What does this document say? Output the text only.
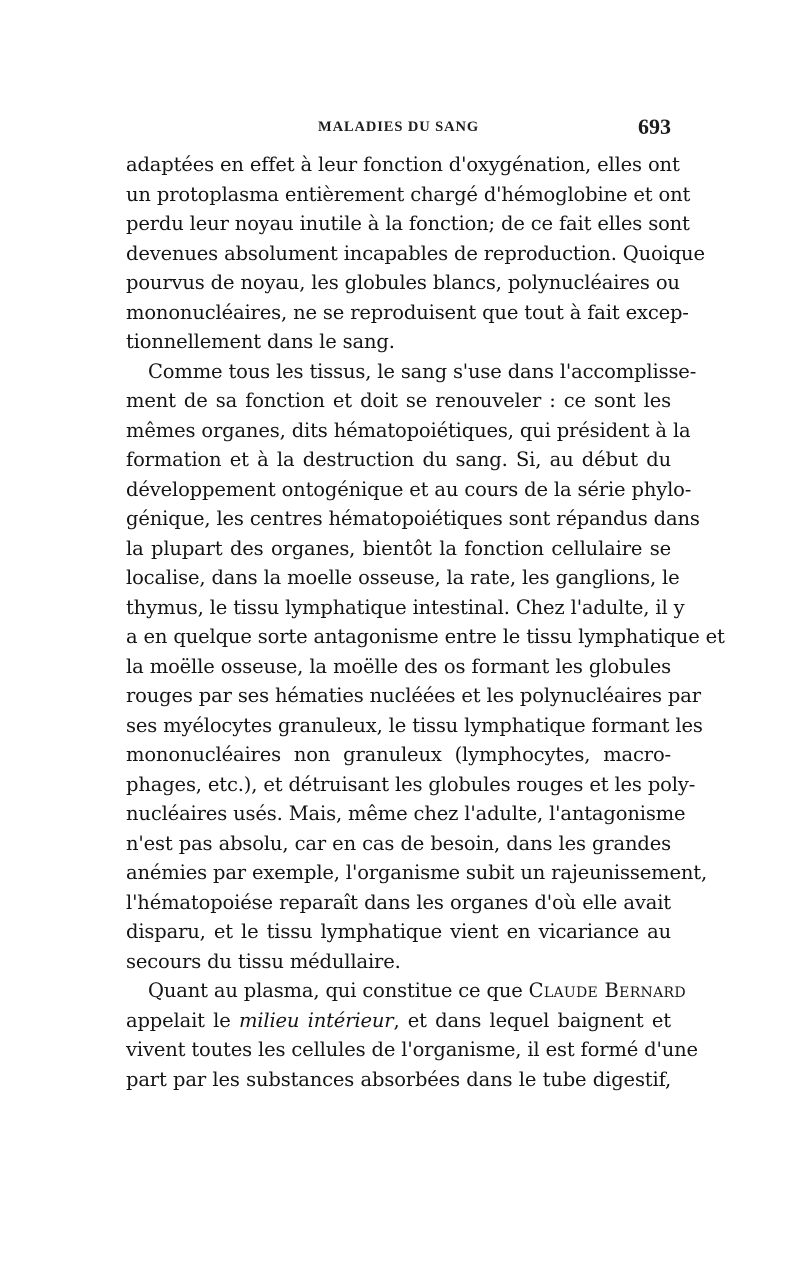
MALADIES DU SANG	693
adaptées en effet à leur fonction d'oxygénation, elles ont
un protoplasma entièrement chargé d'hémoglobine et ont
perdu leur noyau inutile à la fonction; de ce fait elles sont
devenues absolument incapables de reproduction. Quoique
pourvus de noyau, les globules blancs, polynucléaires ou
mononucléaires, ne se reproduisent que tout à fait excep-
tionnellement dans le sang.
Comme tous les tissus, le sang s'use dans l'accomplisse-
ment de sa fonction et doit se renouveler : ce sont les
mêmes organes, dits hématopoiétiques, qui président à la
formation et à la destruction du sang. Si, au début du
développement ontogénique et au cours de la série phylo-
génique, les centres hématopoiétiques sont répandus dans
la plupart des organes, bientôt la fonction cellulaire se
localise, dans la moelle osseuse, la rate, les ganglions, le
thymus, le tissu lymphatique intestinal. Chez l'adulte, il y
a en quelque sorte antagonisme entre le tissu lymphatique et
la moëlle osseuse, la moëlle des os formant les globules
rouges par ses hématies nucléées et les polynucléaires par
ses myélocytes granuleux, le tissu lymphatique formant les
mononucléaires non granuleux (lymphocytes, macro-
phages, etc.), et détruisant les globules rouges et les poly-
nucléaires usés. Mais, même chez l'adulte, l'antagonisme
n'est pas absolu, car en cas de besoin, dans les grandes
anémies par exemple, l'organisme subit un rajeunissement,
l'hématopoiése reparaît dans les organes d'où elle avait
disparu, et le tissu lymphatique vient en vicariance au
secours du tissu médullaire.
Quant au plasma, qui constitue ce que Claude Bernard
appelait le milieu intérieur, et dans lequel baignent et
vivent toutes les cellules de l'organisme, il est formé d'une
part par les substances absorbées dans le tube digestif,
